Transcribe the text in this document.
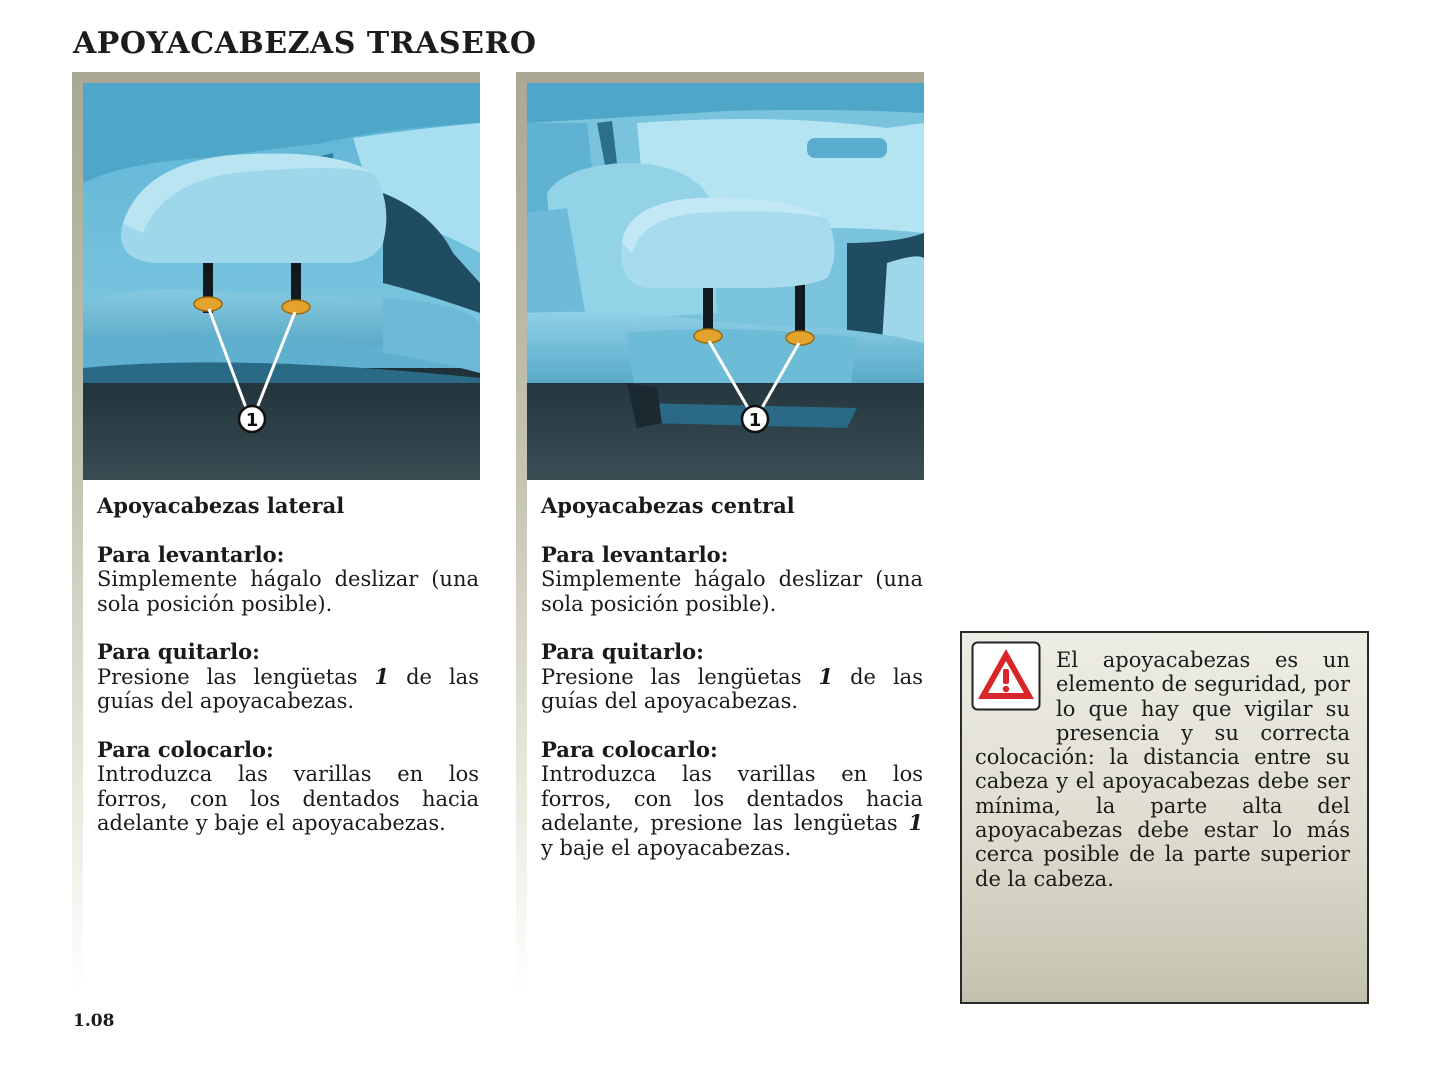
APOYACABEZAS TRASERO
1

Apoyacabezas lateral

Para levantarlo:

Simplemente hágalo deslizar (una sola posición posible).

Para quitarlo:

Presione las lengüetas 1 de las guías del apoyacabezas.

Para colocarlo:

Introduzca las varillas en los forros, con los dentados hacia adelante y baje el apoyacabezas.

1

Apoyacabezas central

Para levantarlo:

Simplemente hágalo deslizar (una sola posición posible).

Para quitarlo:

Presione las lengüetas 1 de las guías del apoyacabezas.

Para colocarlo:

Introduzca las varillas en los forros, con los dentados hacia adelante, presione las lengüetas 1 y baje el apoyacabezas.

El apoyacabezas es un elemento de seguridad, por lo que hay que vigilar su presencia y su correcta colocación: la distancia entre su cabeza y el apoyacabezas debe ser mínima, la parte alta del apoyacabezas debe estar lo más cerca posible de la parte superior de la cabeza.

1.08
